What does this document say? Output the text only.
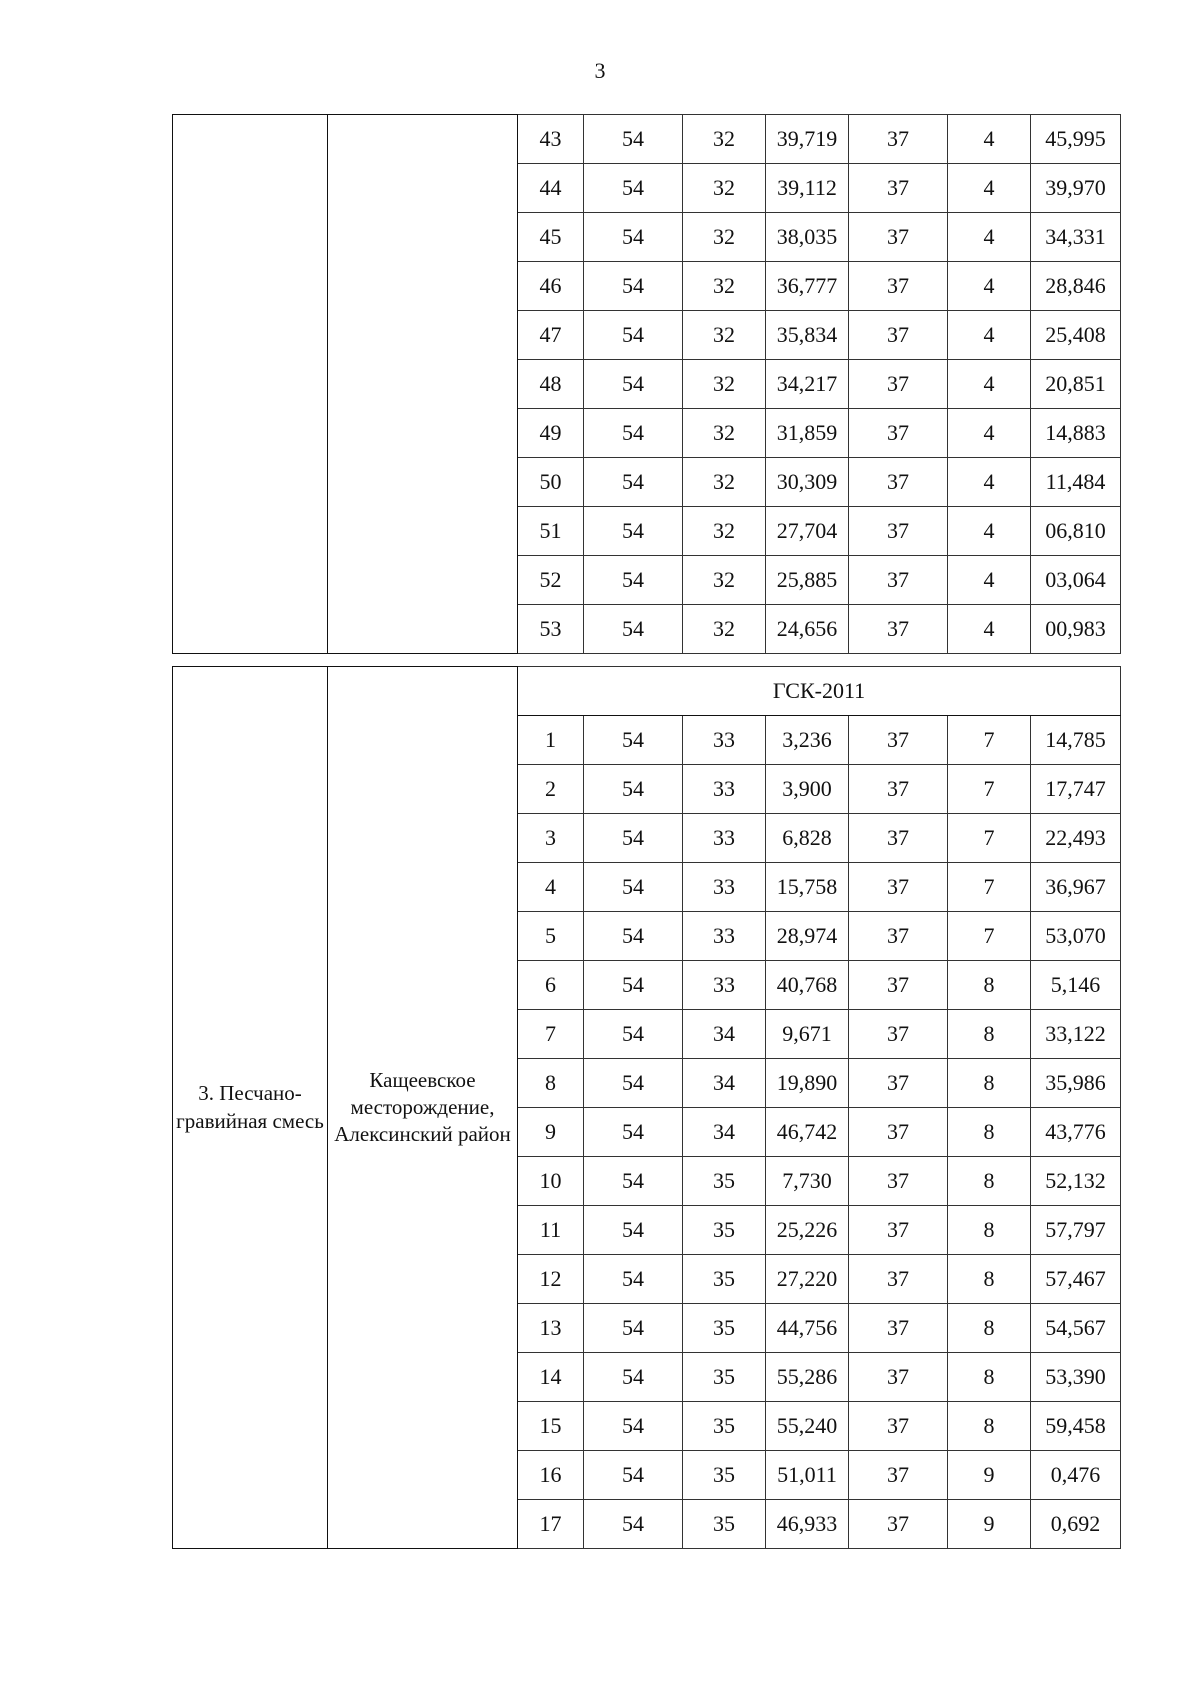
3
		43	54	32	39,719	37	4	45,995
		44	54	32	39,112	37	4	39,970
		45	54	32	38,035	37	4	34,331
		46	54	32	36,777	37	4	28,846
		47	54	32	35,834	37	4	25,408
		48	54	32	34,217	37	4	20,851
		49	54	32	31,859	37	4	14,883
		50	54	32	30,309	37	4	11,484
		51	54	32	27,704	37	4	06,810
		52	54	32	25,885	37	4	03,064
		53	54	32	24,656	37	4	00,983
3. Песчано-гравийная смесь	Кащеевское месторождение, Алексинский район	ГСК-2011						
		1	54	33	3,236	37	7	14,785
		2	54	33	3,900	37	7	17,747
		3	54	33	6,828	37	7	22,493
		4	54	33	15,758	37	7	36,967
		5	54	33	28,974	37	7	53,070
		6	54	33	40,768	37	8	5,146
		7	54	34	9,671	37	8	33,122
		8	54	34	19,890	37	8	35,986
		9	54	34	46,742	37	8	43,776
		10	54	35	7,730	37	8	52,132
		11	54	35	25,226	37	8	57,797
		12	54	35	27,220	37	8	57,467
		13	54	35	44,756	37	8	54,567
		14	54	35	55,286	37	8	53,390
		15	54	35	55,240	37	8	59,458
		16	54	35	51,011	37	9	0,476
		17	54	35	46,933	37	9	0,692
